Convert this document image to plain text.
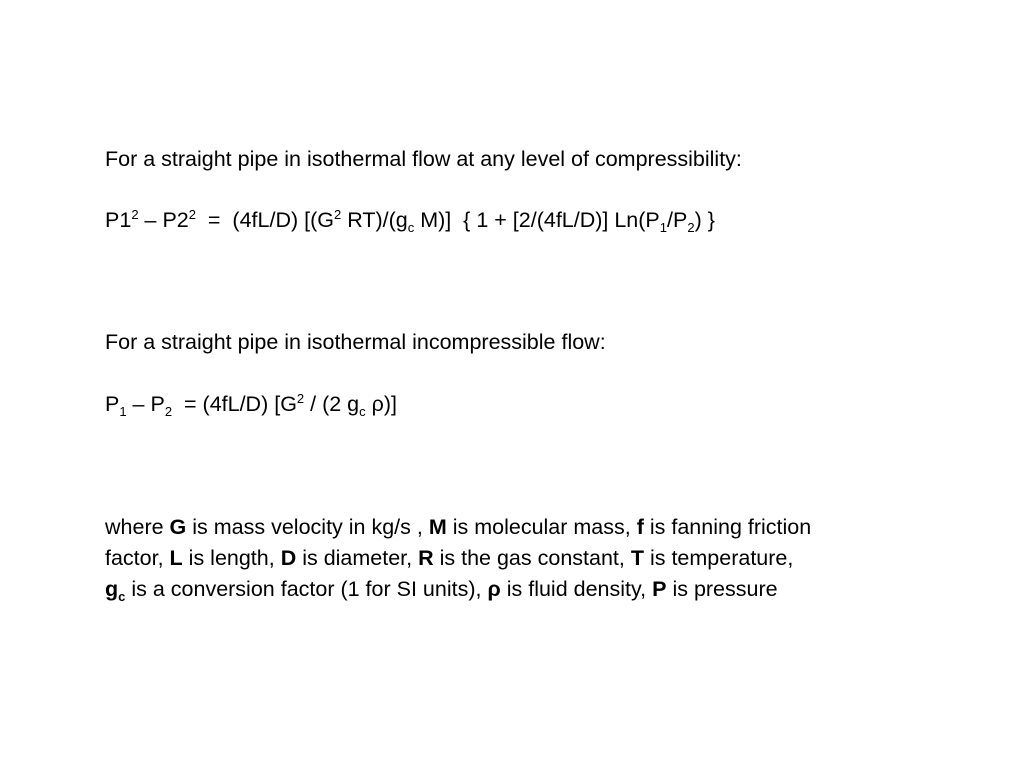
For a straight pipe in isothermal flow at any level of compressibility:
$P1^2 - P2^2 = (4fL/D)$ [($G^2$ $RT)/(g_c$ M)]  { 1 + [2/(4fL/D)] $Ln(P_1/P_2)$ }
For a straight pipe in isothermal incompressible flow:
$P_1 - P_2 = (4fL/D)$ [$G^2 / (2$ $g_c$ ρ)]
where G is mass velocity in kg/s , M is molecular mass, f is fanning friction
factor, L is length, D is diameter, R is the gas constant, T is temperature,
$g_c$ is a conversion factor (1 for SI units), ρ is fluid density, P is pressure
